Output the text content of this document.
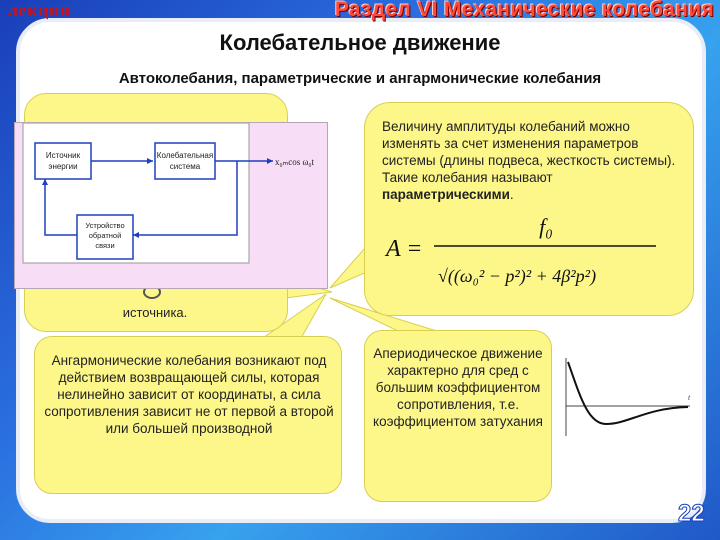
лекции	Раздел VI Механические колебания
Колебательное движение
Автоколебания, параметрические и ангармонические колебания
источника.
Источник
энергии
Колебательная
система	x₀ₘcos ω₀t
Устройство
обратной
связи
Величину амплитуды колебаний можно изменять за счет изменения параметров системы (длины подвеса, жесткость системы). Такие колебания называют параметрическими.
A =
f₀
√((ω₀² − p²)² + 4β²p²)
Ангармонические колебания возникают под действием возвращающей силы, которая нелинейно зависит от координаты, а сила сопротивления зависит не от первой а второй или большей производной
Апериодическое движение характерно для сред с большим коэффициентом сопротивления, т.е. коэффициентом затухания
t
22
